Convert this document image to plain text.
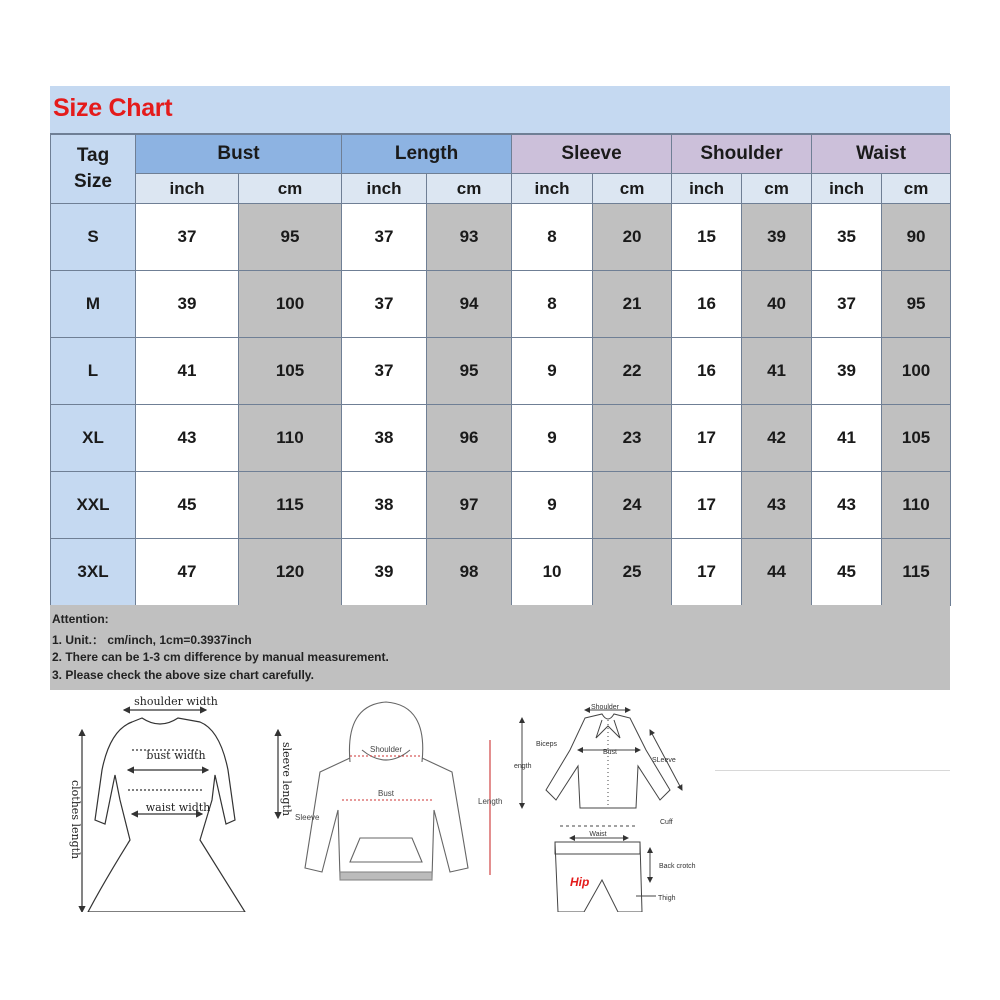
Size Chart
Tag
Size	Bust		Length		Sleeve		Shoulder		Waist	
	inch	cm	inch	cm	inch	cm	inch	cm	inch	cm
S	37	95	37	93	8	20	15	39	35	90
M	39	100	37	94	8	21	16	40	37	95
L	41	105	37	95	9	22	16	41	39	100
XL	43	110	38	96	9	23	17	42	41	105
XXL	45	115	38	97	9	24	17	43	43	110
3XL	47	120	39	98	10	25	17	44	45	115
Attention:
1. Unit.： cm/inch, 1cm=0.3937inch
2. There can be 1-3 cm difference by manual measurement.
3. Please check the above size chart carefully.
shoulder width
bust width
waist width
clothes length
sleeve length	Shoulder
Bust
Length
Sleeve
Shoulder
Biceps
Bust
SLeeve
ength
Cuff
Waist
Back crotch
Hip
Thigh
